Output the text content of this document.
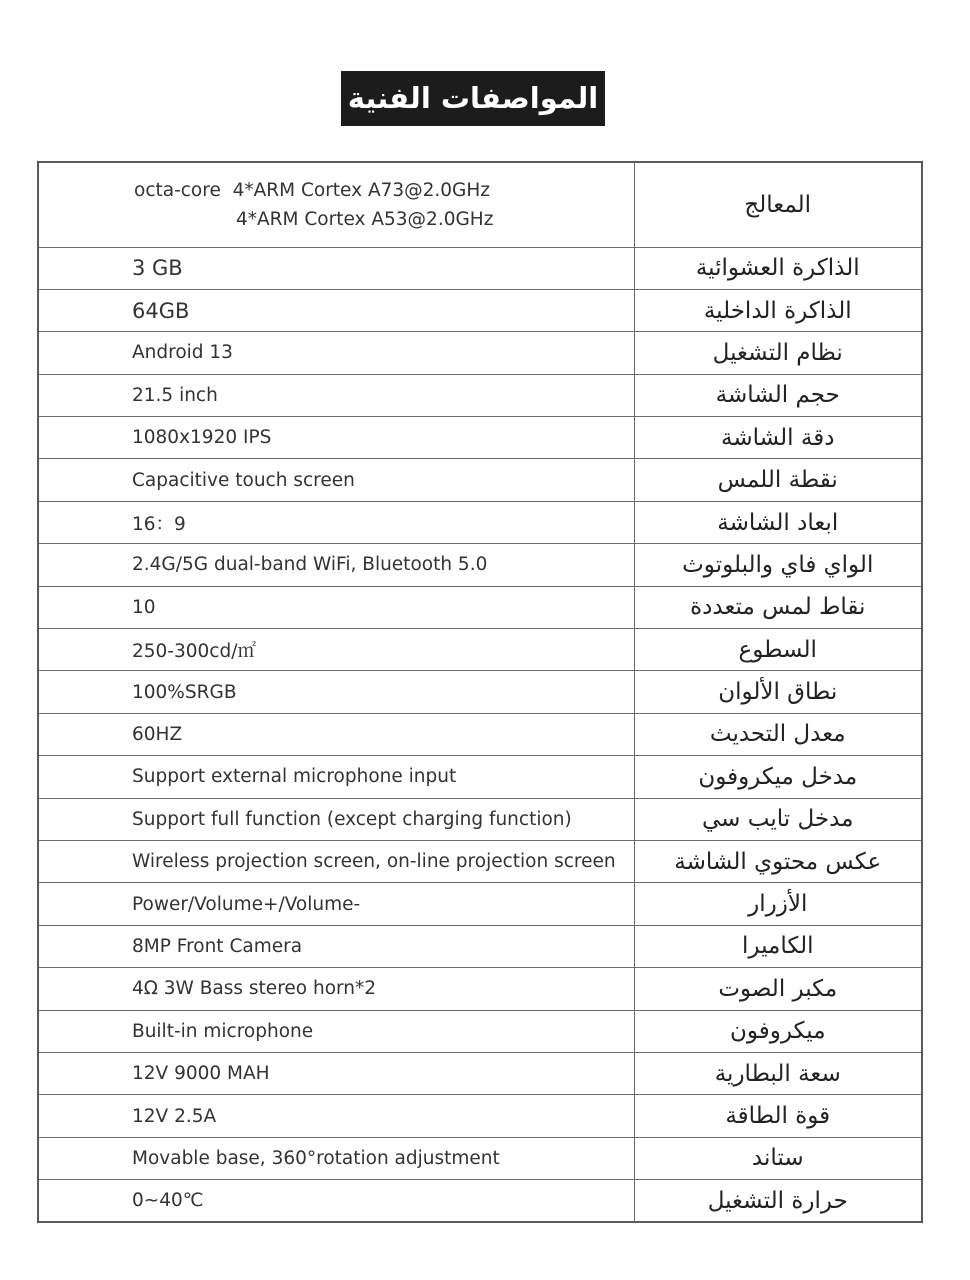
المواصفات الفنية
octa-core  4*ARM Cortex A73@2.0GHz
4*ARM Cortex A53@2.0GHz	المعالج
3 GB	الذاكرة العشوائية
64GB	الذاكرة الداخلية
Android 13	نظام التشغيل
21.5 inch	حجم الشاشة
1080x1920 IPS	دقة الشاشة
Capacitive touch screen	نقطة اللمس
16：9	ابعاد الشاشة
2.4G/5G dual-band WiFi, Bluetooth 5.0	الواي فاي والبلوتوث
10	نقاط لمس متعددة
250-300cd/㎡	السطوع
100%SRGB	نطاق الألوان
60HZ	معدل التحديث
Support external microphone input	مدخل ميكروفون
Support full function (except charging function)	مدخل تايب سي
Wireless projection screen, on-line projection screen	عكس محتوي الشاشة
Power/Volume+/Volume-	الأزرار
8MP Front Camera	الكاميرا
4Ω 3W Bass stereo horn*2	مكبر الصوت
Built-in microphone	ميكروفون
12V 9000 MAH	سعة البطارية
12V 2.5A	قوة الطاقة
Movable base, 360°rotation adjustment	ستاند
0~40℃	حرارة التشغيل
